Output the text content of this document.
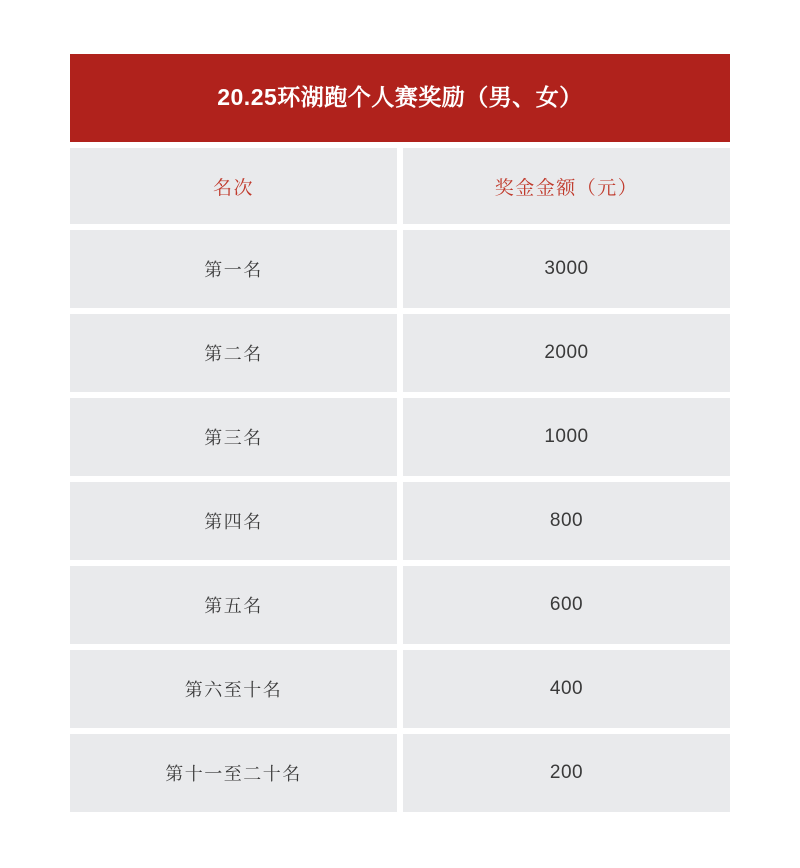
20.25环湖跑个人赛奖励（男、女）
名次	奖金金额（元）
第一名	3000
第二名	2000
第三名	1000
第四名	800
第五名	600
第六至十名	400
第十一至二十名	200
